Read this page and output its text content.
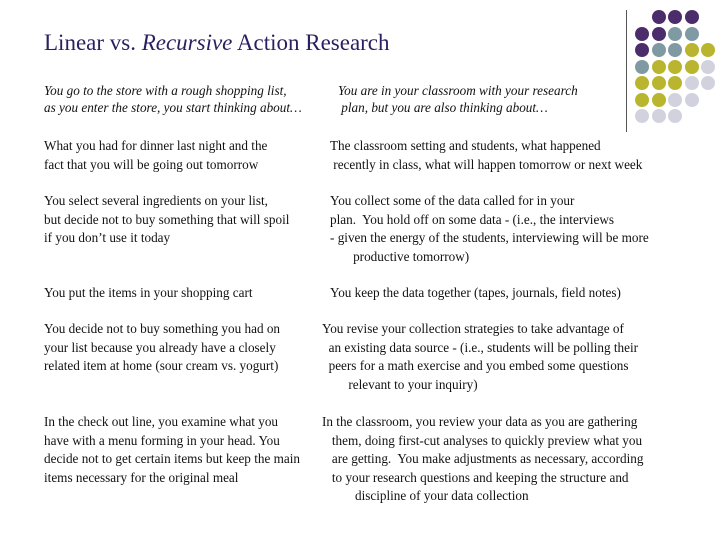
Linear vs. Recursive Action Research
You go to the store with a rough shopping list,
as you enter the store, you start thinking about…
You are in your classroom with your research
plan, but you are also thinking about…
What you had for dinner last night and the
fact that you will be going out tomorrow
The classroom setting and students, what happened
recently in class, what will happen tomorrow or next week
You select several ingredients on your list,
but decide not to buy something that will spoil
if you don’t use it today
You collect some of the data called for in your
plan.  You hold off on some data - (i.e., the interviews
- given the energy of the students, interviewing will be more
productive tomorrow)
You put the items in your shopping cart	You keep the data together (tapes, journals, field notes)
You decide not to buy something you had on
your list because you already have a closely
related item at home (sour cream vs. yogurt)
You revise your collection strategies to take advantage of
an existing data source - (i.e., students will be polling their
peers for a math exercise and you embed some questions
relevant to your inquiry)
In the check out line, you examine what you
have with a menu forming in your head. You
decide not to get certain items but keep the main
items necessary for the original meal
In the classroom, you review your data as you are gathering
them, doing first-cut analyses to quickly preview what you
are getting.  You make adjustments as necessary, according
to your research questions and keeping the structure and
discipline of your data collection
